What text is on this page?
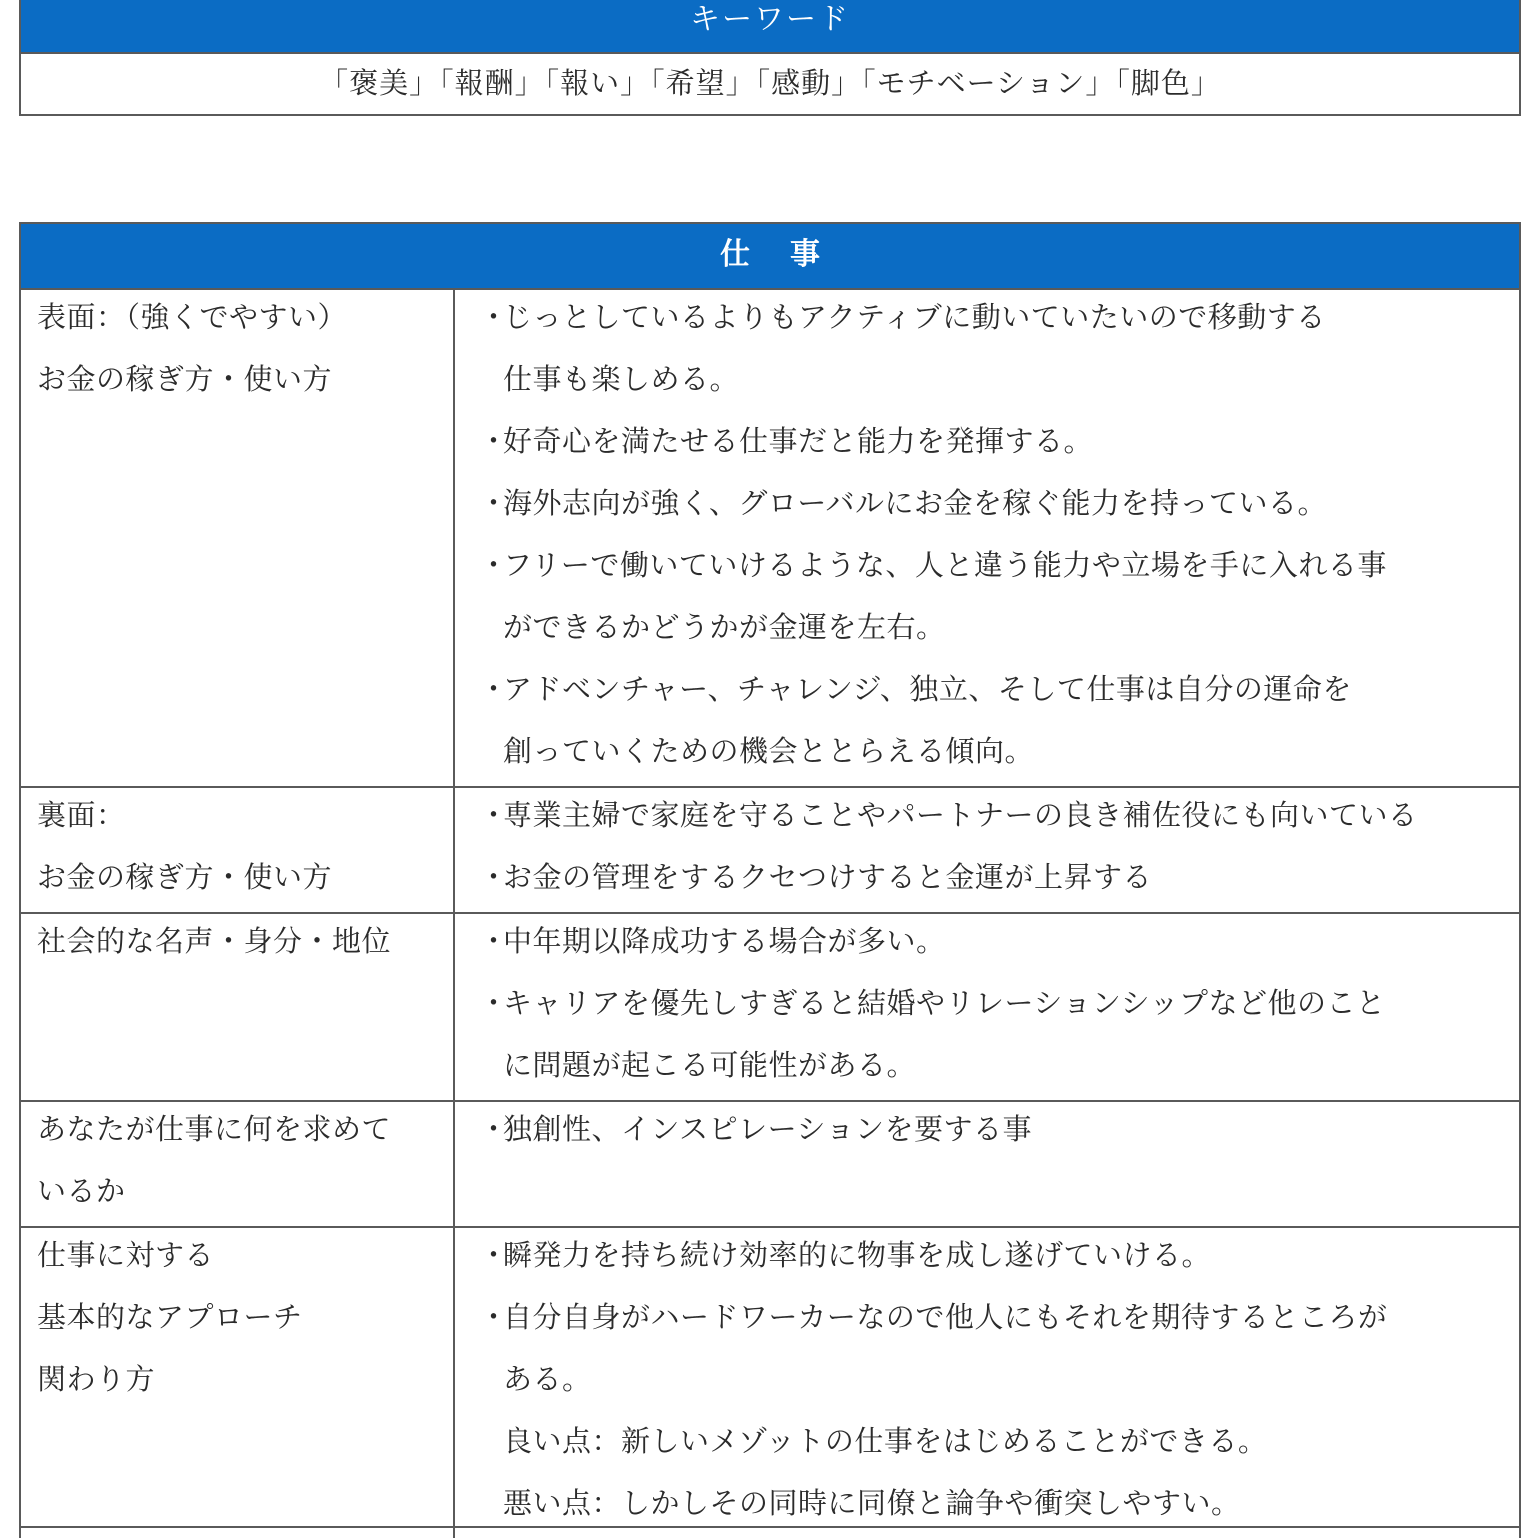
キーワード
「褒美」「報酬」「報い」「希望」「感動」「モチベーション」「脚色」
仕事
表面：（強くでやすい）
お金の稼ぎ方・使い方
・じっとしているよりもアクティブに動いていたいので移動する
仕事も楽しめる。
・好奇心を満たせる仕事だと能力を発揮する。
・海外志向が強く、グローバルにお金を稼ぐ能力を持っている。
・フリーで働いていけるような、人と違う能力や立場を手に入れる事
ができるかどうかが金運を左右。
・アドベンチャー、チャレンジ、独立、そして仕事は自分の運命を
創っていくための機会ととらえる傾向。
裏面：
お金の稼ぎ方・使い方
・専業主婦で家庭を守ることやパートナーの良き補佐役にも向いている
・お金の管理をするクセつけすると金運が上昇する
社会的な名声・身分・地位	・中年期以降成功する場合が多い。
・キャリアを優先しすぎると結婚やリレーションシップなど他のこと
に問題が起こる可能性がある。
あなたが仕事に何を求めて
いるか
・独創性、インスピレーションを要する事
仕事に対する
基本的なアプローチ
関わり方
・瞬発力を持ち続け効率的に物事を成し遂げていける。
・自分自身がハードワーカーなので他人にもそれを期待するところが
ある。
良い点：新しいメゾットの仕事をはじめることができる。
悪い点：しかしその同時に同僚と論争や衝突しやすい。
